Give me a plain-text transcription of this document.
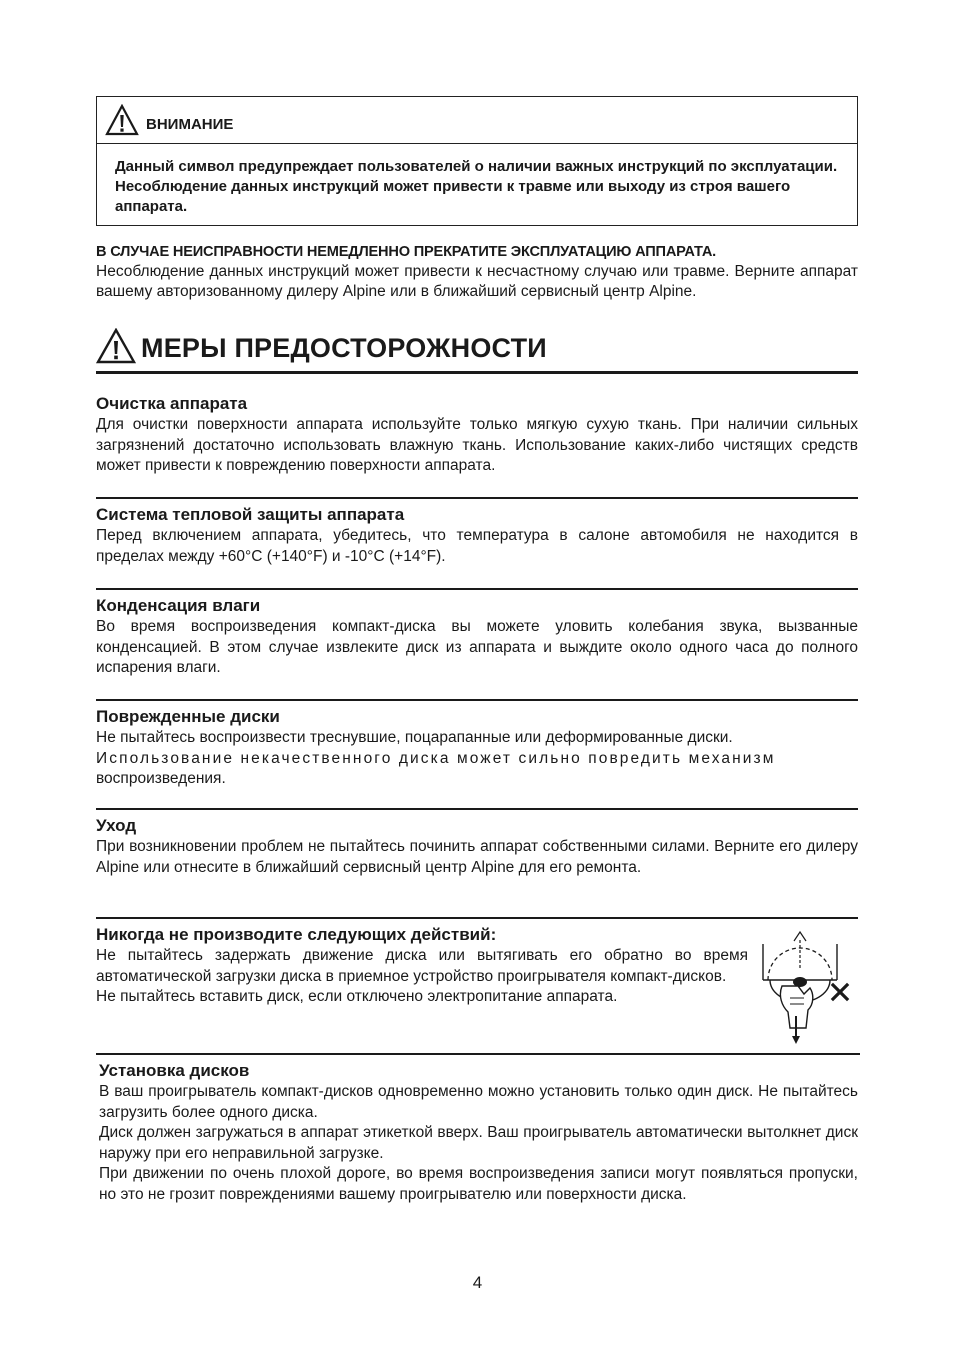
ВНИМАНИЕ
Данный символ предупреждает пользователей о наличии важных инструкций по эксплуатации. Несоблюдение данных инструкций может привести к травме или выходу из строя вашего аппарата.
В СЛУЧАЕ НЕИСПРАВНОСТИ НЕМЕДЛЕННО ПРЕКРАТИТЕ ЭКСПЛУАТАЦИЮ АППАРАТА.
Несоблюдение данных инструкций может привести к несчастному случаю или травме. Верните аппарат вашему авторизованному дилеру Alpine или в ближайший сервисный центр Alpine.
МЕРЫ ПРЕДОСТОРОЖНОСТИ
Очистка аппарата
Для очистки поверхности аппарата используйте только мягкую сухую ткань. При наличии сильных загрязнений достаточно использовать влажную ткань. Использование каких-либо чистящих средств может привести к повреждению поверхности аппарата.
Система тепловой защиты аппарата
Перед включением аппарата, убедитесь, что температура в салоне автомобиля не находится в пределах между +60°C (+140°F) и -10°C (+14°F).
Конденсация влаги
Во время воспроизведения компакт-диска вы можете уловить колебания звука, вызванные конденсацией. В этом случае извлеките диск из аппарата и выждите около одного часа до полного испарения влаги.
Поврежденные диски

Не пытайтесь воспроизвести треснувшие, поцарапанные или деформированные диски.

Использование некачественного диска может сильно повредить механизм

воспроизведения.

Уход
При возникновении проблем не пытайтесь починить аппарат собственными силами. Верните его дилеру Alpine или отнесите в ближайший сервисный центр Alpine для его ремонта.
Никогда не производите следующих действий:

Не пытайтесь задержать движение диска или вытягивать его обратно во время автоматической загрузки диска в приемное устройство проигрывателя компакт-дисков.

Не пытайтесь вставить диск, если отключено электропитание аппарата.

Установка дисков

В ваш проигрыватель компакт-дисков одновременно можно установить только один диск. Не пытайтесь загрузить более одного диска.

Диск должен загружаться в аппарат этикеткой вверх. Ваш проигрыватель автоматически вытолкнет диск наружу при его неправильной загрузке.

При движении по очень плохой дороге, во время воспроизведения записи могут появляться пропуски, но это не грозит повреждениями вашему проигрывателю или поверхности диска.

4
